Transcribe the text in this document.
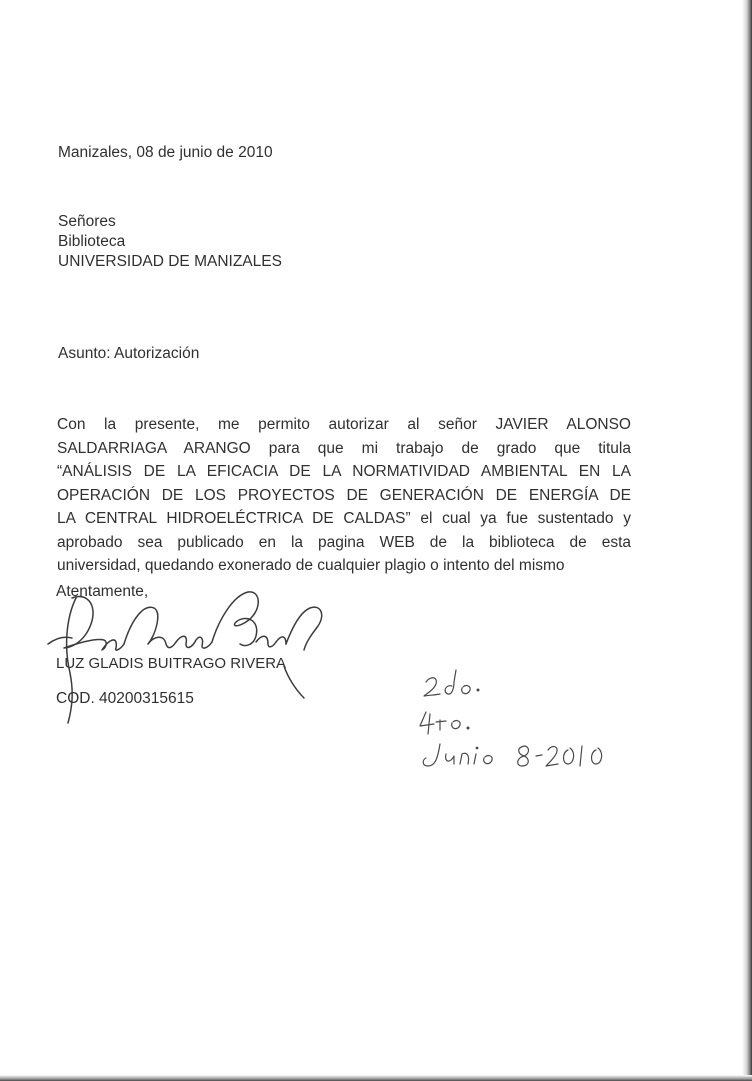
Manizales, 08 de junio de 2010
Señores
Biblioteca
UNIVERSIDAD DE MANIZALES
Asunto: Autorización
Con la presente, me permito autorizar al señor JAVIER ALONSO
SALDARRIAGA ARANGO para que mi trabajo de grado que titula
“ANÁLISIS DE LA EFICACIA DE LA NORMATIVIDAD AMBIENTAL EN LA
OPERACIÓN DE LOS PROYECTOS DE GENERACIÓN DE ENERGÍA DE
LA CENTRAL HIDROELÉCTRICA DE CALDAS” el cual ya fue sustentado y
aprobado sea publicado en la pagina WEB de la biblioteca de esta
universidad, quedando exonerado de cualquier plagio o intento del mismo
Atentamente,
LUZ GLADIS BUITRAGO RIVERA
COD. 40200315615
